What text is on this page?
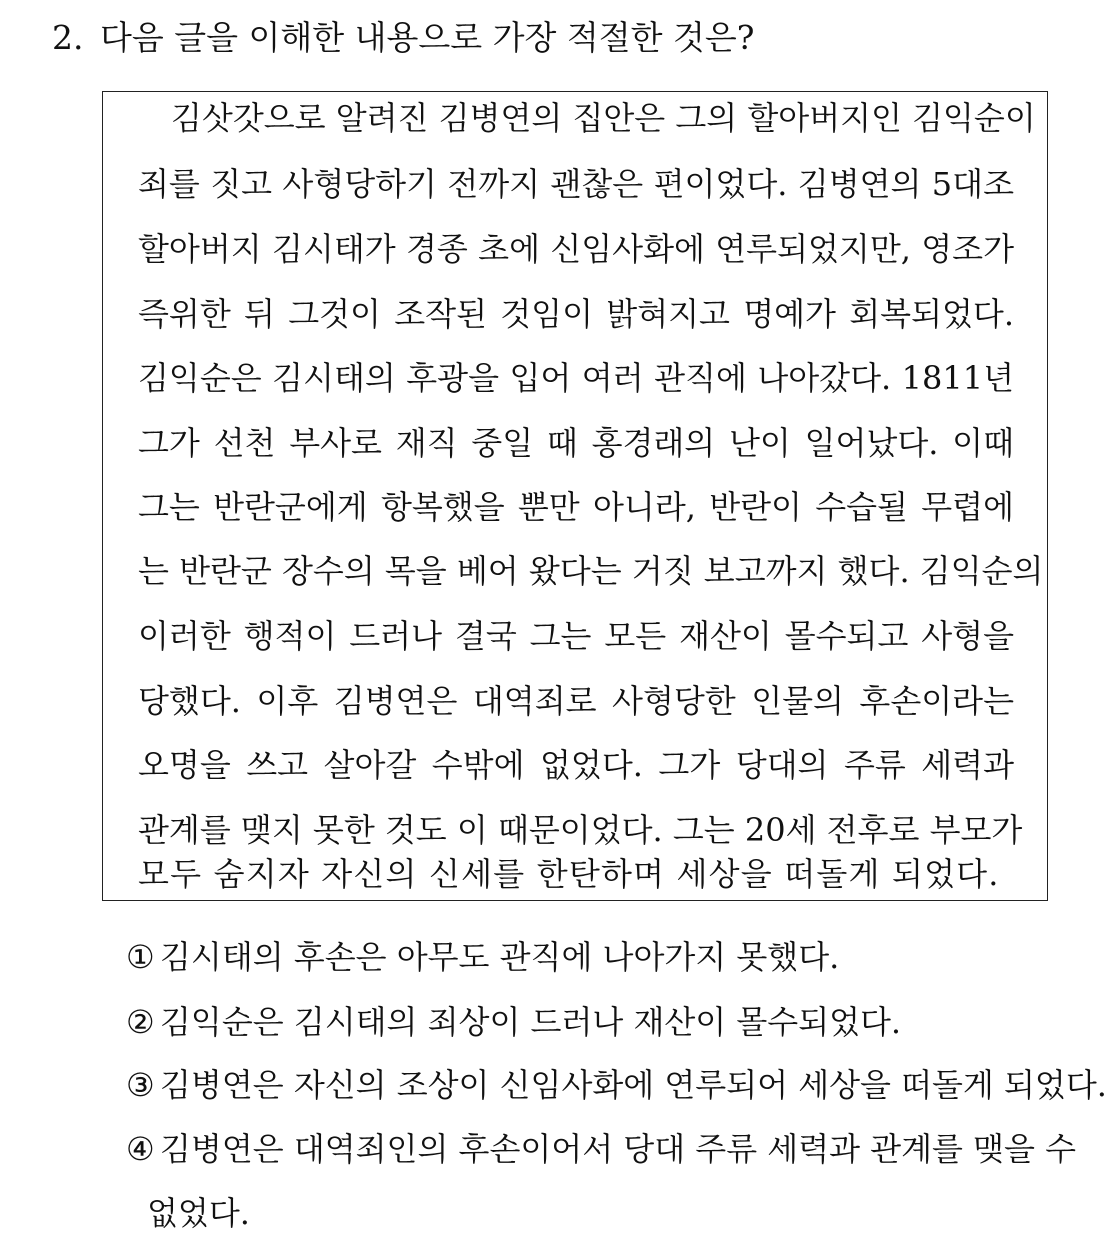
2. 다음 글을 이해한 내용으로 가장 적절한 것은?
김삿갓으로 알려진 김병연의 집안은 그의 할아버지인 김익순이
죄를 짓고 사형당하기 전까지 괜찮은 편이었다. 김병연의 5대조
할아버지 김시태가 경종 초에 신임사화에 연루되었지만, 영조가
즉위한 뒤 그것이 조작된 것임이 밝혀지고 명예가 회복되었다.
김익순은 김시태의 후광을 입어 여러 관직에 나아갔다. 1811년
그가 선천 부사로 재직 중일 때 홍경래의 난이 일어났다. 이때
그는 반란군에게 항복했을 뿐만 아니라, 반란이 수습될 무렵에
는 반란군 장수의 목을 베어 왔다는 거짓 보고까지 했다. 김익순의
이러한 행적이 드러나 결국 그는 모든 재산이 몰수되고 사형을
당했다. 이후 김병연은 대역죄로 사형당한 인물의 후손이라는
오명을 쓰고 살아갈 수밖에 없었다. 그가 당대의 주류 세력과
관계를 맺지 못한 것도 이 때문이었다. 그는 20세 전후로 부모가
모두 숨지자 자신의 신세를 한탄하며 세상을 떠돌게 되었다.
① 김시태의 후손은 아무도 관직에 나아가지 못했다.
② 김익순은 김시태의 죄상이 드러나 재산이 몰수되었다.
③ 김병연은 자신의 조상이 신임사화에 연루되어 세상을 떠돌게 되었다.
④ 김병연은 대역죄인의 후손이어서 당대 주류 세력과 관계를 맺을 수
없었다.
